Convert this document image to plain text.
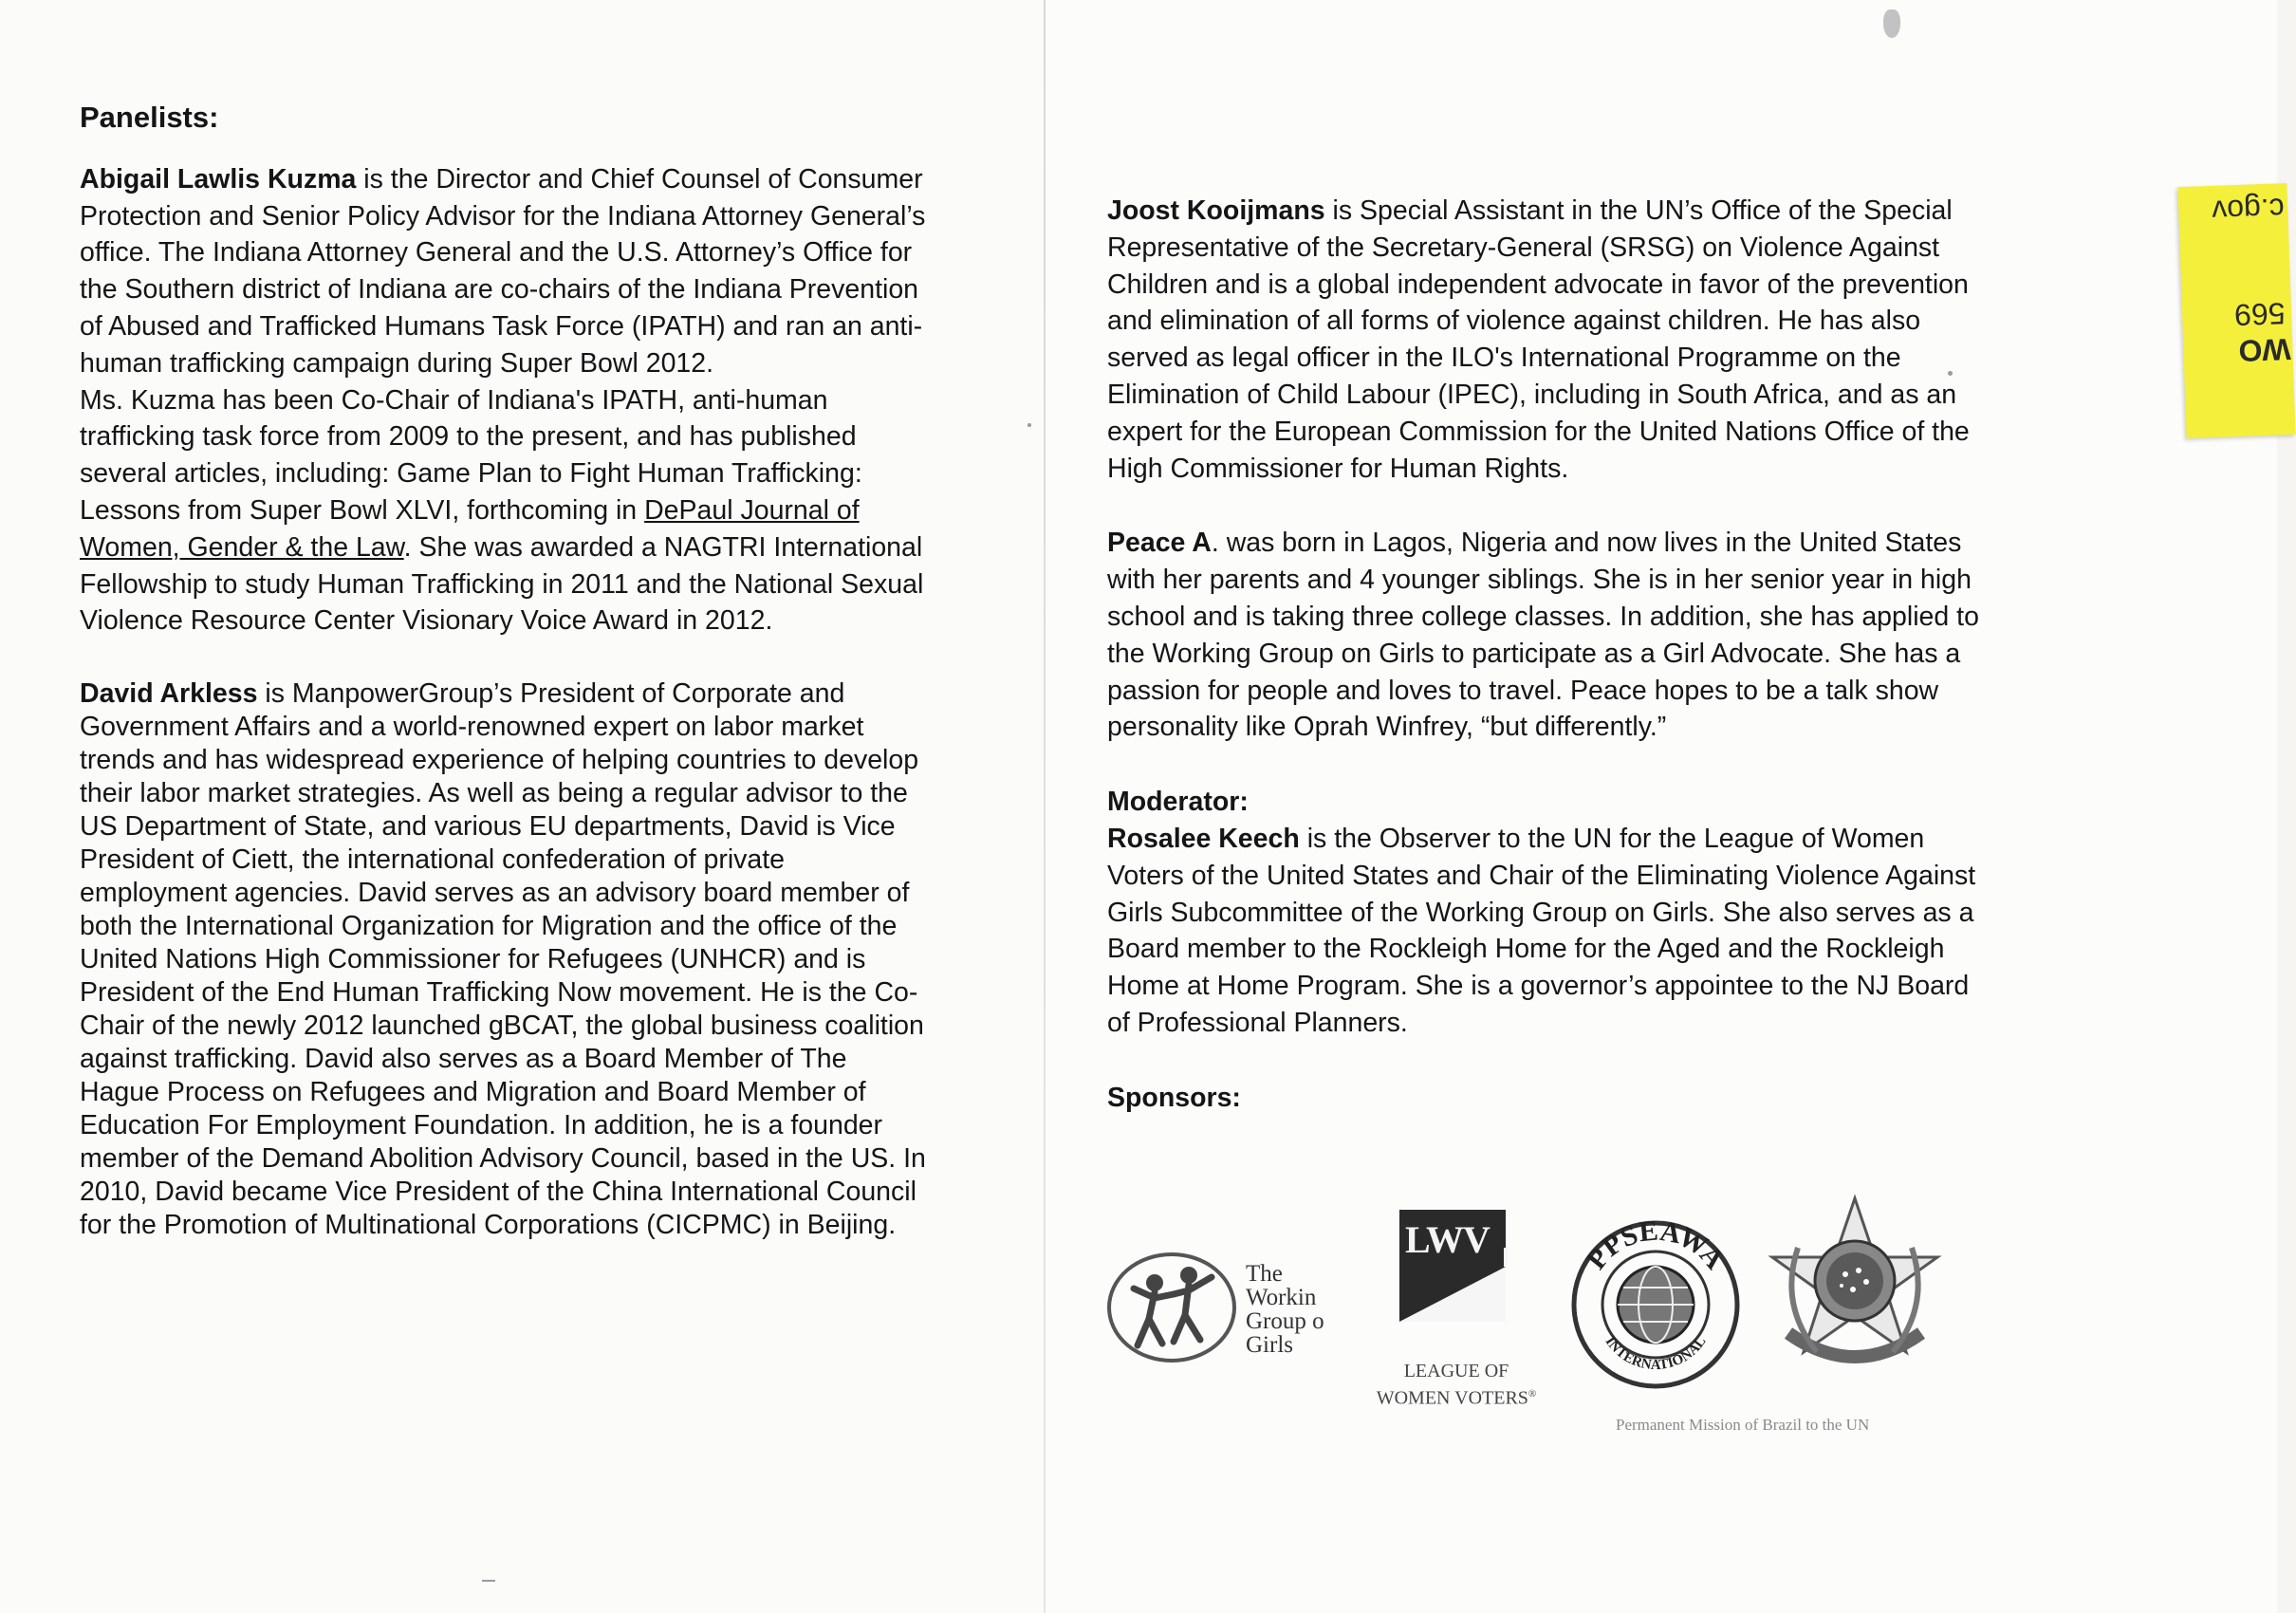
Panelists:

Abigail Lawlis Kuzma is the Director and Chief Counsel of Consumer Protection and Senior Policy Advisor for the Indiana Attorney General’s office. The Indiana Attorney General and the U.S. Attorney’s Office for the Southern district of Indiana are co-chairs of the Indiana Prevention of Abused and Trafficked Humans Task Force (IPATH) and ran an anti-human trafficking campaign during Super Bowl 2012.

Ms. Kuzma has been Co-Chair of Indiana's IPATH, anti-human trafficking task force from 2009 to the present, and has published several articles, including: Game Plan to Fight Human Trafficking: Lessons from Super Bowl XLVI, forthcoming in DePaul Journal of Women, Gender & the Law. She was awarded a NAGTRI International Fellowship to study Human Trafficking in 2011 and the National Sexual Violence Resource Center Visionary Voice Award in 2012.

David Arkless is ManpowerGroup’s President of Corporate and Government Affairs and a world-renowned expert on labor market trends and has widespread experience of helping countries to develop their labor market strategies. As well as being a regular advisor to the US Department of State, and various EU departments, David is Vice President of Ciett, the international confederation of private employment agencies. David serves as an advisory board member of both the International Organization for Migration and the office of the United Nations High Commissioner for Refugees (UNHCR) and is President of the End Human Trafficking Now movement. He is the Co-Chair of the newly 2012 launched gBCAT, the global business coalition against trafficking. David also serves as a Board Member of The Hague Process on Refugees and Migration and Board Member of Education For Employment Foundation. In addition, he is a founder member of the Demand Abolition Advisory Council, based in the US. In 2010, David became Vice President of the China International Council for the Promotion of Multinational Corporations (CICPMC) in Beijing.

Joost Kooijmans is Special Assistant in the UN’s Office of the Special Representative of the Secretary-General (SRSG) on Violence Against Children and is a global independent advocate in favor of the prevention and elimination of all forms of violence against children. He has also served as legal officer in the ILO's International Programme on the Elimination of Child Labour (IPEC), including in South Africa, and as an expert for the European Commission for the United Nations Office of the High Commissioner for Human Rights.

Peace A. was born in Lagos, Nigeria and now lives in the United States with her parents and 4 younger siblings. She is in her senior year in high school and is taking three college classes. In addition, she has applied to the Working Group on Girls to participate as a Girl Advocate. She has a passion for people and loves to travel. Peace hopes to be a talk show personality like Oprah Winfrey, “but differently.”

Moderator:

Rosalee Keech is the Observer to the UN for the League of Women Voters of the United States and Chair of the Eliminating Violence Against Girls Subcommittee of the Working Group on Girls. She also serves as a Board member to the Rockleigh Home for the Aged and the Rockleigh Home at Home Program. She is a governor’s appointee to the NJ Board of Professional Planners.

Sponsors:

The
Workin
Group o
Girls
LWV
LEAGUE OF
WOMEN VOTERS®
PPSEAWA
INTERNATIONAL
Permanent Mission of Brazil to the UN
c.gov
569
WO
